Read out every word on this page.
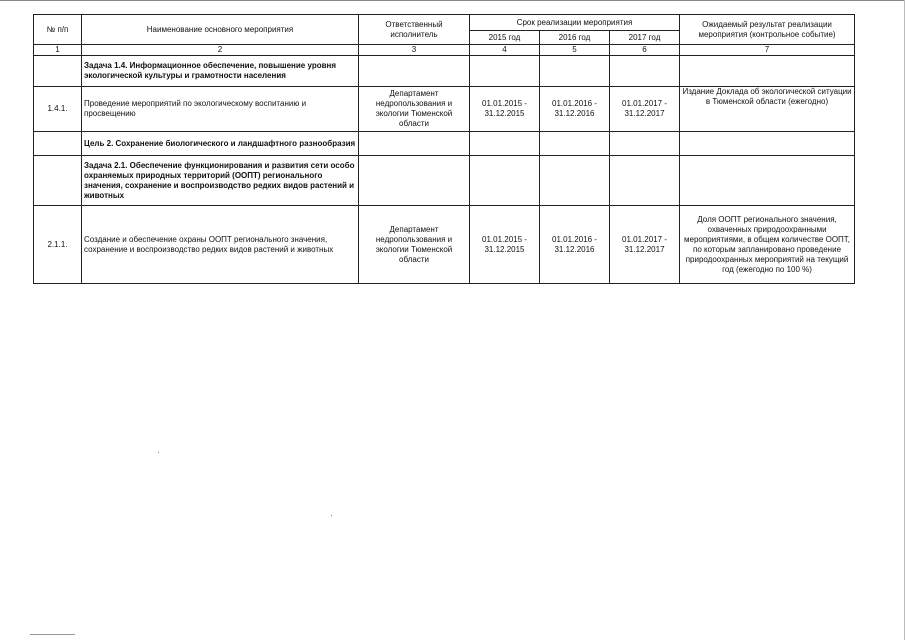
№ п/п	Наименование основного мероприятия	Ответственный исполнитель	Срок реализации мероприятия			Ожидаемый результат реализации мероприятия (контрольное событие)
			2015 год	2016 год	2017 год	
1	2	3	4	5	6	7
	Задача 1.4. Информационное обеспечение, повышение уровня экологической культуры и грамотности населения					
1.4.1.	Проведение мероприятий по экологическому воспитанию и просвещению	Департамент недропользования и экологии Тюменской области	01.01.2015 - 31.12.2015	01.01.2016 - 31.12.2016	01.01.2017 - 31.12.2017	Издание Доклада об экологической ситуации в Тюменской области (ежегодно)
	Цель 2. Сохранение биологического и ландшафтного разнообразия					
	Задача 2.1. Обеспечение функционирования и развития сети особо охраняемых природных территорий (ООПТ) регионального значения, сохранение и воспроизводство редких видов растений и животных					
2.1.1.	Создание и обеспечение охраны ООПТ регионального значения, сохранение и воспроизводство редких видов растений и животных	Департамент недропользования и экологии Тюменской области	01.01.2015 - 31.12.2015	01.01.2016 - 31.12.2016	01.01.2017 - 31.12.2017	Доля ООПТ регионального значения, охваченных природоохранными мероприятиями, в общем количестве ООПТ, по которым запланировано проведение природоохранных мероприятий на текущий год (ежегодно по 100 %)
